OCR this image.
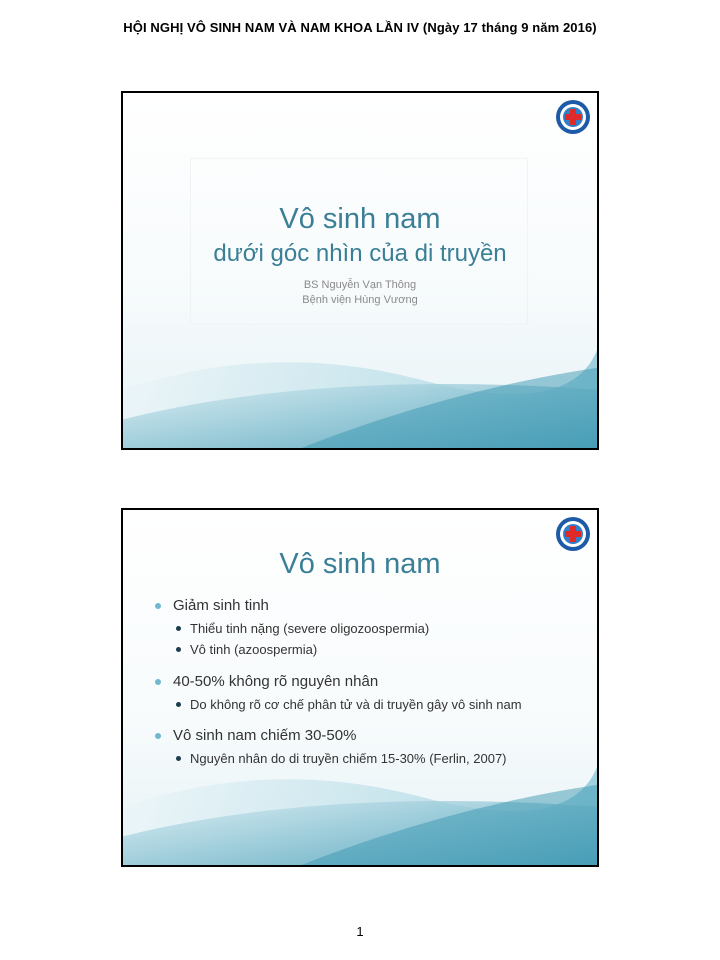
HỘI NGHỊ VÔ SINH NAM VÀ NAM KHOA LẦN IV (Ngày 17 tháng 9 năm 2016)
Vô sinh nam
dưới góc nhìn của di truyền
BS Nguyễn Vạn Thông
Bệnh viện Hùng Vương
Vô sinh nam
Giảm sinh tinh
Thiểu tinh nặng (severe oligozoospermia)
Vô tinh (azoospermia)
40-50% không rõ nguyên nhân
Do không rõ cơ chế phân tử và di truyền gây vô sinh nam
Vô sinh nam chiếm 30-50%
Nguyên nhân do di truyền chiếm 15-30% (Ferlin, 2007)
1
